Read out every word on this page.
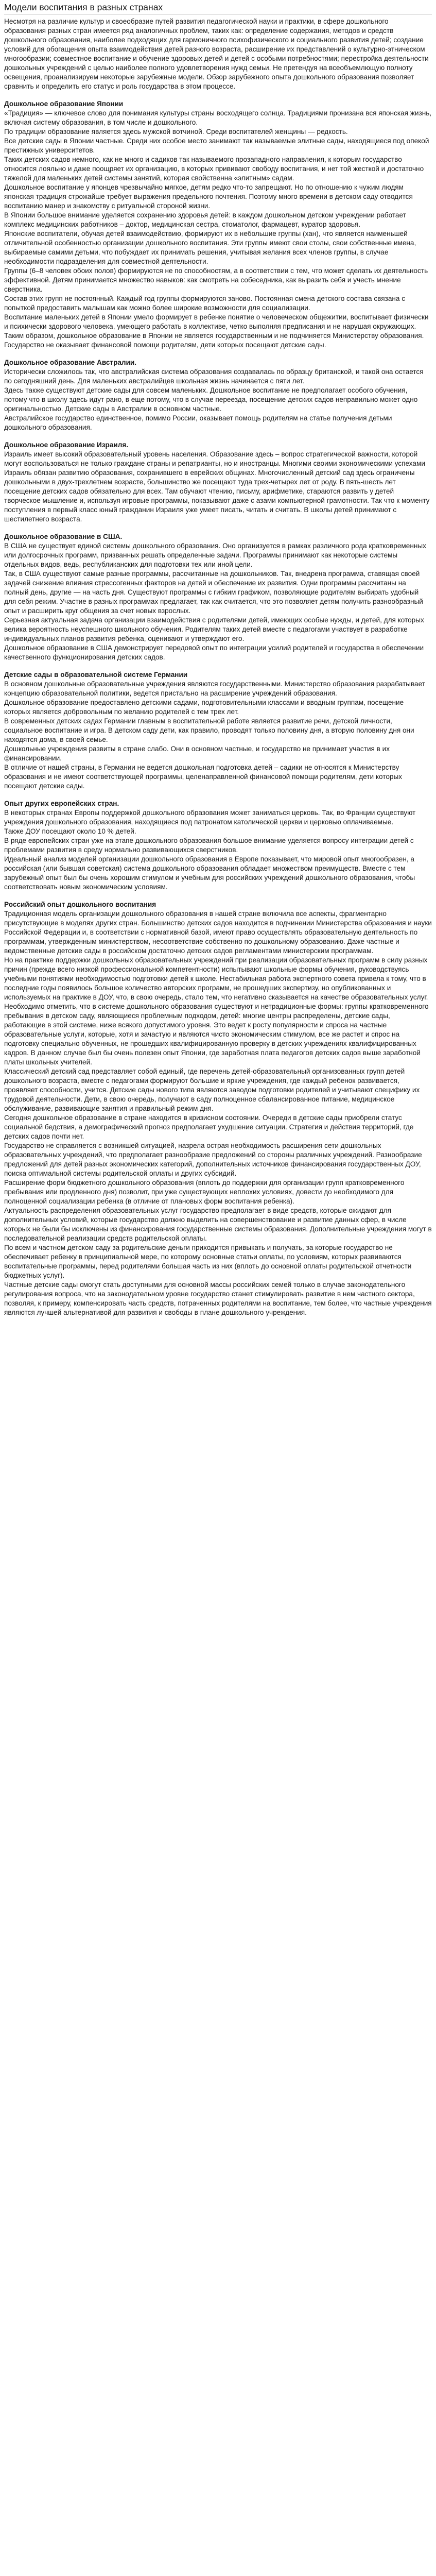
Модели воспитания в разных странах

Несмотря на различие культур и своеобразие путей развития педагогической науки и практики, в сфере дошкольного образования разных стран имеется ряд аналогичных проблем, таких как: определение содержания, методов и средств дошкольного образования, наиболее подходящих для гармоничного психофизического и социального развития детей; создание условий для обогащения опыта взаимодействия детей разного возраста, расширение их представлений о культурно-этническом многообразии; совместное воспитание и обучение здоровых детей и детей с особыми потребностями; перестройка деятельности дошкольных учреждений с целью наиболее полного удовлетворения нужд семьи. Не претендуя на всеобъемлющую полноту освещения, проанализируем некоторые зарубежные модели. Обзор зарубежного опыта дошкольного образования позволяет сравнить и определить его статус и роль государства в этом процессе.

Дошкольное образование Японии

«Традиция» — ключевое слово для понимания культуры страны восходящего солнца. Традициями пронизана вся японская жизнь, включая систему образования, в том числе и дошкольного.

По традиции образование является здесь мужской вотчиной. Среди воспитателей женщины — редкость.

Все детские сады в Японии частные. Среди них особое место занимают так называемые элитные сады, находящиеся под опекой престижных университетов.

Таких детских садов немного, как не много и садиков так называемого прозападного направления, к которым государство относится лояльно и даже поощряет их организацию, в которых прививают свободу воспитания, и нет той жесткой и достаточно тяжелой для маленьких детей системы занятий, которая свойственна «элитным» садам.

Дошкольное воспитание у японцев чрезвычайно мягкое, детям редко что-то запрещают. Но по отношению к чужим людям японская традиция строжайше требует выражения предельного почтения. Поэтому много времени в детском саду отводится воспитанию манер и знакомству с ритуальной стороной жизни.

В Японии большое внимание уделяется сохранению здоровья детей: в каждом дошкольном детском учреждении работает комплекс медицинских работников – доктор, медицинская сестра, стоматолог, фармацевт, куратор здоровья.

Японские воспитатели, обучая детей взаимодействию, формируют их в небольшие группы (хан), что является наименьшей отличительной особенностью организации дошкольного воспитания. Эти группы имеют свои столы, свои собственные имена, выбираемые самими детьми, что побуждает их принимать решения, учитывая желания всех членов группы, в случае необходимости подразделения для совместной деятельности.

Группы (6–8 человек обоих полов) формируются не по способностям, а в соответствии с тем, что может сделать их деятельность эффективной. Детям принимается множество навыков: как смотреть на собеседника, как выразить себя и учесть мнение сверстника.

Состав этих групп не постоянный. Каждый год группы формируются заново. Постоянная смена детского состава связана с попыткой предоставить малышам как можно более широкие возможности для социализации.

Воспитание маленьких детей в Японии умело формирует в ребенке понятие о человеческом общежитии, воспитывает физически и психически здорового человека, умеющего работать в коллективе, четко выполняя предписания и не нарушая окружающих.

Таким образом, дошкольное образование в Японии не является государственным и не подчиняется Министерству образования. Государство не оказывает финансовой помощи родителям, дети которых посещают детские сады.

Дошкольное образование Австралии.

Исторически сложилось так, что австралийская система образования создавалась по образцу британской, и такой она остается по сегодняшний день. Для маленьких австралийцев школьная жизнь начинается с пяти лет.

Здесь также существуют детские сады для совсем маленьких. Дошкольное воспитание не предполагает особого обучения, потому что в школу здесь идут рано, в еще потому, что в случае переезда, посещение детских садов неправильно может одно оригинальностью. Детские сады в Австралии в основном частные.

Австралийское государство единственное, помимо России, оказывает помощь родителям на статье получения детьми дошкольного образования.

Дошкольное образование Израиля.

Израиль имеет высокий образовательный уровень населения. Образование здесь – вопрос стратегической важности, которой могут воспользоваться не только граждане страны и репатрианты, но и иностранцы. Многими своими экономическими успехами Израиль обязан развитию образования, сохранившего в еврейских общинах. Многочисленный детский сад здесь ограничены дошкольными в двух-трехлетнем возрасте, большинство же посещают туда трех-четырех лет от роду. В пять-шесть лет посещение детских садов обязательно для всех. Там обучают чтению, письму, арифметике, стараются развить у детей творческое мышление и, используя игровые программы, показывают даже с азами компьютерной грамотности. Так что к моменту поступления в первый класс юный гражданин Израиля уже умеет писать, читать и считать. В школы детей принимают с шестилетнего возраста.

Дошкольное образование в США.

В США не существует единой системы дошкольного образования. Оно организуется в рамках различного рода кратковременных или долгосрочных программ, призванных решать определенные задачи. Программы принимают как некоторые системы отдельных видов, ведь, республиканских для подготовки тех или иной цели.

Так, в США существуют самые разные программы, рассчитанные на дошкольников. Так, внедрена программа, ставящая своей задачей снижение влияния стрессогенных факторов на детей и обеспечение их развития. Одни программы рассчитаны на полный день, другие — на часть дня. Существуют программы с гибким графиком, позволяющие родителям выбирать удобный для себя режим. Участие в разных программах предлагает, так как считается, что это позволяет детям получить разнообразный опыт и расширить круг общения за счет новых взрослых.

Серьезная актуальная задача организации взаимодействия с родителями детей, имеющих особые нужды, и детей, для которых велика вероятность неуспешного школьного обучения. Родителям таких детей вместе с педагогами участвует в разработке индивидуальных планов развития ребенка, оценивают и утверждают его.

Дошкольное образование в США демонстрирует передовой опыт по интеграции усилий родителей и государства в обеспечении качественного функционирования детских садов.

Детские сады в образовательной системе Германии

В основном дошкольные образовательные учреждения являются государственными. Министерство образования разрабатывает концепцию образовательной политики, ведется пристально на расширение учреждений образования.

Дошкольное образование предоставлено детскими садами, подготовительными классами и вводным группам, посещение которых является добровольным по желанию родителей с тем трех лет.

В современных детских садах Германии главным в воспитательной работе является развитие речи, детской личности, социальное воспитание и игра. В детском саду дети, как правило, проводят только половину дня, а вторую половину дня они находятся дома, в своей семье.

Дошкольные учреждения развиты в стране слабо. Они в основном частные, и государство не принимает участия в их финансировании.

В отличие от нашей страны, в Германии не ведется дошкольная подготовка детей – садики не относятся к Министерству образования и не имеют соответствующей программы, целенаправленной финансовой помощи родителям, дети которых посещают детские сады.

Опыт других европейских стран.

В некоторых странах Европы поддержкой дошкольного образования может заниматься церковь. Так, во Франции существуют учреждения дошкольного образования, находящиеся под патронатом католической церкви и церковью оплачиваемые.

Также ДОУ посещают около 10 % детей.

В ряде европейских стран уже на этапе дошкольного образования большое внимание уделяется вопросу интеграции детей с проблемами развития в среду нормально развивающихся сверстников.

Идеальный анализ моделей организации дошкольного образования в Европе показывает, что мировой опыт многообразен, а российская (или бывшая советская) система дошкольного образования обладает множеством преимуществ. Вместе с тем зарубежный опыт был бы очень хорошим стимулом и учебным для российских учреждений дошкольного образования, чтобы соответствовать новым экономическим условиям.

Российский опыт дошкольного воспитания

Традиционная модель организации дошкольного образования в нашей стране включила все аспекты, фрагментарно присутствующие в моделях других стран. Большинство детских садов находится в подчинении Министерства образования и науки Российской Федерации и, в соответствии с нормативной базой, имеют право осуществлять образовательную деятельность по программам, утвержденным министерством, несоответствие собственно по дошкольному образованию. Даже частные и ведомственные детские сады в российском достаточно детских садов регламентами министерским программам.

Но на практике поддержки дошкольных образовательных учреждений при реализации образовательных программ в силу разных причин (прежде всего низкой профессиональной компетентности) испытывают школьные формы обучения, руководствуясь учебными понятиями необходимостью подготовки детей к школе. Нестабильная работа экспертного совета привела к тому, что в последние годы появилось большое количество авторских программ, не прошедших экспертизу, но опубликованных и используемых на практике в ДОУ, что, в свою очередь, стало тем, что негативно сказывается на качестве образовательных услуг.

Необходимо отметить, что в системе дошкольного образования существуют и нетрадиционные формы: группы кратковременного пребывания в детском саду, являющиеся проблемным подходом, детей: многие центры распределены, детские сады, работающие в этой системе, ниже всякого допустимого уровня. Это ведет к росту популярности и спроса на частные образовательные услуги, которые, хотя и зачастую и являются чисто экономическим стимулом, все же растет и спрос на подготовку специально обученных, не прошедших квалифицированную проверку в детских учреждениях квалифицированных кадров. В данном случае был бы очень полезен опыт Японии, где заработная плата педагогов детских садов выше заработной платы школьных учителей.

Классический детский сад представляет собой единый, где перечень детей-образовательный организованных групп детей дошкольного возраста, вместе с педагогами формируют большие и яркие учреждения, где каждый ребенок развивается, проявляет способности, учится. Детские сады нового типа являются заводом подготовки родителей и учитывают специфику их трудовой деятельности. Дети, в свою очередь, получают в саду полноценное сбалансированное питание, медицинское обслуживание, развивающие занятия и правильный режим дня.

Сегодня дошкольное образование в стране находится в кризисном состоянии. Очереди в детские сады приобрели статус социальной бедствия, а демографический прогноз предполагает ухудшение ситуации. Стратегия и действия территорий, где детских садов почти нет.

Государство не справляется с возникшей ситуацией, назрела острая необходимость расширения сети дошкольных образовательных учреждений, что предполагает разнообразие предложений со стороны различных учреждений. Разнообразие предложений для детей разных экономических категорий, дополнительных источников финансирования государственных ДОУ, поиска оптимальной системы родительской оплаты и других субсидий.

Расширение форм бюджетного дошкольного образования (вплоть до поддержки для организации групп кратковременного пребывания или продленного дня) позволит, при уже существующих неплохих условиях, довести до необходимого для полноценной социализации ребенка (в отличие от плановых форм воспитания ребенка).

Актуальность распределения образовательных услуг государство предполагает в виде средств, которые ожидают для дополнительных условий, которые государство должно выделить на совершенствование и развитие данных сфер, в числе которых не были бы исключены из финансирования государственные системы образования. Дополнительные учреждения могут в последовательной реализации средств родительской оплаты.

По всем и частном детском саду за родительские деньги приходится привыкать и получать, за которые государство не обеспечивает ребенку в принципиальной мере, по которому основные статьи оплаты, по условиям, которых развиваются воспитательные программы, перед родителями большая часть из них (вплоть до основной оплаты родительской отчетности бюджетных услуг).

Частные детские сады смогут стать доступными для основной массы российских семей только в случае законодательного регулирования вопроса, что на законодательном уровне государство станет стимулировать развитие в нем частного сектора, позволяя, к примеру, компенсировать часть средств, потраченных родителями на воспитание, тем более, что частные учреждения являются лучшей альтернативой для развития и свободы в плане дошкольного учреждения.
